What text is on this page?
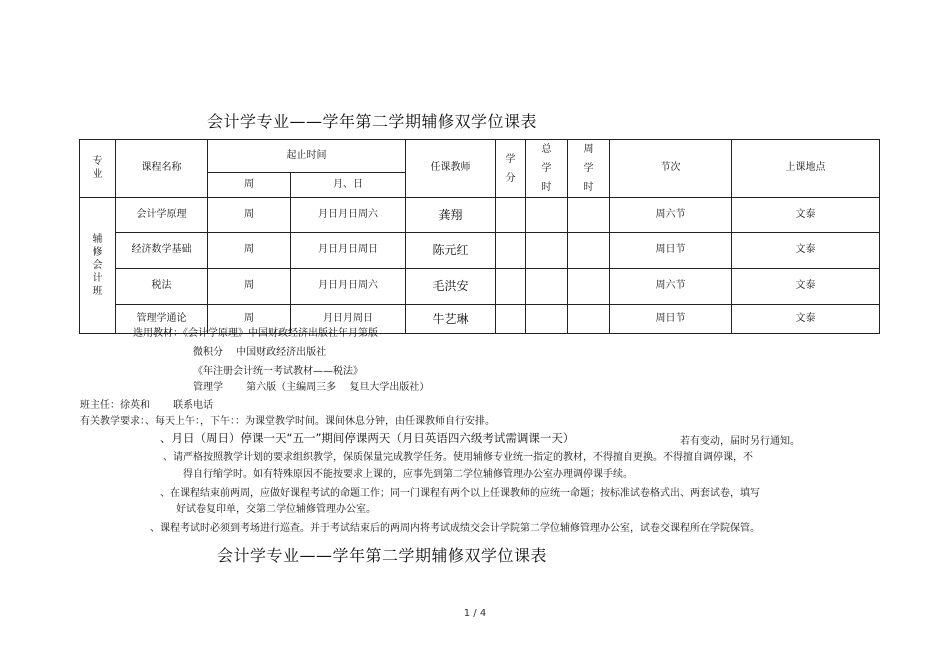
会计学专业——学年第二学期辅修双学位课表
专业	课程名称	起止时间		任课教师	学分	总学时	周学时	节次	上课地点
		周	月、日						
辅修会计班	会计学原理	周	月日月日周六	龚翔				周六节	文泰
	经济数学基础	周	月日月日周日	陈元红				周日节	文泰
	税法	周	月日月日周六	毛洪安				周六节	文泰
	管理学通论	周	月日月周日	牛艺琳				周日节	文泰
选用教材：《会计学原理》中国财政经济出版社年月第版
微积分　 中国财政经济出版社
《年注册会计统一考试教材——税法》
管理学　　 第六版（主编周三多　 复旦大学出版社）
班主任：徐英和　　 联系电话
有关教学要求：、每天上午：，下午：：为课堂教学时间。课间休息分钟，由任课教师自行安排。
、月日（周日）停课一天“五一”期间停课两天（月日英语四六级考试需调课一天）	若有变动，届时另行通知。
、请严格按照教学计划的要求组织教学，保质保量完成教学任务。使用辅修专业统一指定的教材，不得擅自更换。不得擅自调停课，不
得自行缩学时。如有特殊原因不能按要求上课的，应事先到第二学位辅修管理办公室办理调停课手续。
、在课程结束前两周，应做好课程考试的命题工作；同一门课程有两个以上任课教师的应统一命题；按标准试卷格式出、两套试卷，填写
好试卷复印单，交第二学位辅修管理办公室。
、课程考试时必须到考场进行巡查。并于考试结束后的两周内将考试成绩交会计学院第二学位辅修管理办公室，试卷交课程所在学院保管。
会计学专业——学年第二学期辅修双学位课表
1 / 4
